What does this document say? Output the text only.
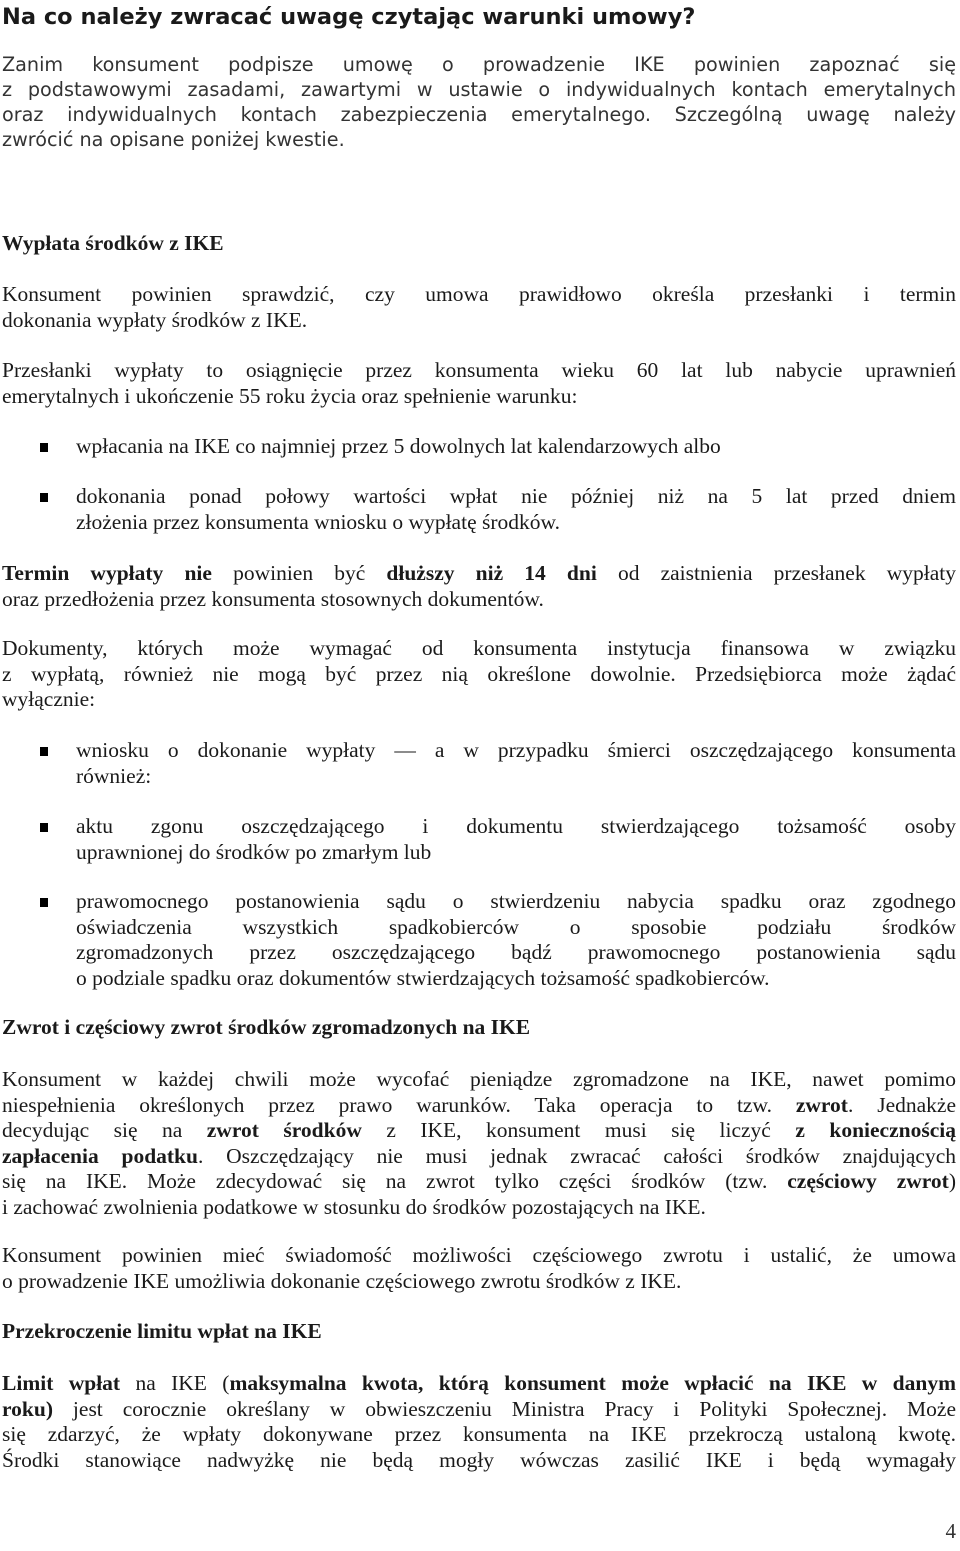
Na co należy zwracać uwagę czytając warunki umowy?
Zanim konsument podpisze umowę o prowadzenie IKE powinien zapoznać się
z podstawowymi zasadami, zawartymi w ustawie o indywidualnych kontach emerytalnych
oraz indywidualnych kontach zabezpieczenia emerytalnego. Szczególną uwagę należy
zwrócić na opisane poniżej kwestie.
Wypłata środków z IKE
Konsument powinien sprawdzić, czy umowa prawidłowo określa przesłanki i termin
dokonania wypłaty środków z IKE.
Przesłanki wypłaty to osiągnięcie przez konsumenta wieku 60 lat lub nabycie uprawnień
emerytalnych i ukończenie 55 roku życia oraz spełnienie warunku:
wpłacania na IKE co najmniej przez 5 dowolnych lat kalendarzowych albo
dokonania ponad połowy wartości wpłat nie później niż na 5 lat przed dniem
złożenia przez konsumenta wniosku o wypłatę środków.
Termin wypłaty nie powinien być dłuższy niż 14 dni od zaistnienia przesłanek wypłaty
oraz przedłożenia przez konsumenta stosownych dokumentów.
Dokumenty, których może wymagać od konsumenta instytucja finansowa w związku
z wypłatą, również nie mogą być przez nią określone dowolnie. Przedsiębiorca może żądać
wyłącznie:
wniosku o dokonanie wypłaty — a w przypadku śmierci oszczędzającego konsumenta
również:
aktu zgonu oszczędzającego i dokumentu stwierdzającego tożsamość osoby
uprawnionej do środków po zmarłym lub
prawomocnego postanowienia sądu o stwierdzeniu nabycia spadku oraz zgodnego
oświadczenia wszystkich spadkobierców o sposobie podziału środków
zgromadzonych przez oszczędzającego bądź prawomocnego postanowienia sądu
o podziale spadku oraz dokumentów stwierdzających tożsamość spadkobierców.
Zwrot i częściowy zwrot środków zgromadzonych na IKE
Konsument w każdej chwili może wycofać pieniądze zgromadzone na IKE, nawet pomimo
niespełnienia określonych przez prawo warunków. Taka operacja to tzw. zwrot. Jednakże
decydując się na zwrot środków z IKE, konsument musi się liczyć z koniecznością
zapłacenia podatku. Oszczędzający nie musi jednak zwracać całości środków znajdujących
się na IKE. Może zdecydować się na zwrot tylko części środków (tzw. częściowy zwrot)
i zachować zwolnienia podatkowe w stosunku do środków pozostających na IKE.
Konsument powinien mieć świadomość możliwości częściowego zwrotu i ustalić, że umowa
o prowadzenie IKE umożliwia dokonanie częściowego zwrotu środków z IKE.
Przekroczenie limitu wpłat na IKE
Limit wpłat na IKE (maksymalna kwota, którą konsument może wpłacić na IKE w danym
roku) jest corocznie określany w obwieszczeniu Ministra Pracy i Polityki Społecznej. Może
się zdarzyć, że wpłaty dokonywane przez konsumenta na IKE przekroczą ustaloną kwotę.
Środki stanowiące nadwyżkę nie będą mogły wówczas zasilić IKE i będą wymagały
4
